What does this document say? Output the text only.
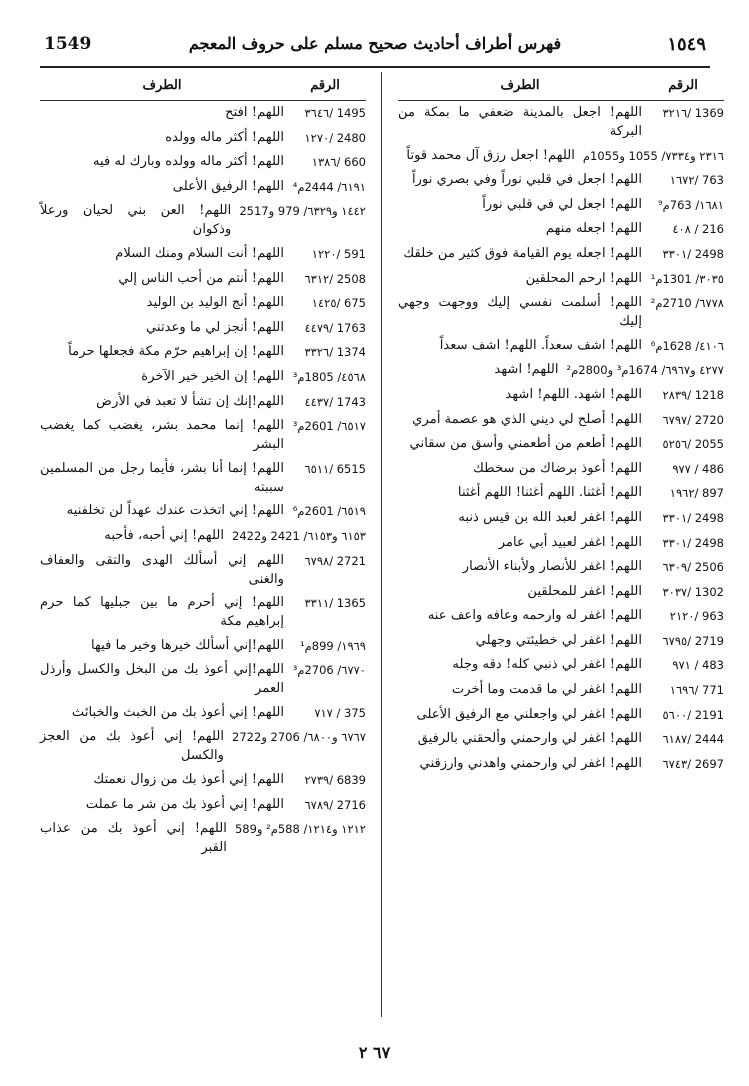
1549	فهرس أطراف أحاديث صحيح مسلم على حروف المعجم	١٥٤٩
الرقم
الطرف
1369 /٣٢١٦
اللهم! اجعل بالمدينة ضعفي ما بمكة من البركة
٢٣١٦ و٧٣٣٤/ 1055 و1055م
اللهم! اجعل رزق آل محمد قوتاً
763 /١٦٧٢
اللهم! اجعل في قلبي نوراً وفي بصري نوراً
١٦٨١/ 763م⁹
اللهم! اجعل لي في قلبي نوراً
216 / ٤٠٨
اللهم! اجعله منهم
2498 /٣٣٠١
اللهم! اجعله يوم القيامة فوق كثير من خلقك
٣٠٣٥/ 1301م¹
اللهم! ارحم المحلقين
٦٧٧٨/ 2710م²
اللهم! أسلمت نفسي إليك ووجهت وجهي إليك
٤١٠٦/ 1628م⁶
اللهم! اشف سعداً. اللهم! اشف سعداً
٤٢٧٧ و٦٩٦٧/ 1674م³ و2800م²
اللهم! اشهد
1218 /٢٨٣٩
اللهم! اشهد. اللهم! اشهد
2720 /٦٧٩٧
اللهم! أصلح لي ديني الذي هو عصمة أمري
2055 /٥٢٥٦
اللهم! أطعم من أطعمني وأسق من سقاني
486 / ٩٧٧
اللهم! أعوذ برضاك من سخطك
897 /١٩٦٢
اللهم! أغثنا. اللهم أغثنا! اللهم أغثنا
2498 /٣٣٠١
اللهم! اغفر لعبد الله بن قيس ذنبه
2498 /٣٣٠١
اللهم! اغفر لعبيد أبي عامر
2506 /٦٣٠٩
اللهم! اغفر للأنصار ولأبناء الأنصار
1302 /٣٠٣٧
اللهم! اغفر للمحلقين
963 /٢١٢٠
اللهم! اغفر له وارحمه وعافه واعف عنه
2719 /٦٧٩٥
اللهم! اغفر لي خطيئتي وجهلي
483 / ٩٧١
اللهم! اغفر لي ذنبي كله! دقه وجله
771 /١٦٩٦
اللهم! اغفر لي ما قدمت وما أخرت
2191 /٥٦٠٠
اللهم! اغفر لي واجعلني مع الرفيق الأعلى
2444 /٦١٨٧
اللهم! اغفر لي وارحمني وألحقني بالرفيق
2697 /٦٧٤٣
اللهم! اغفر لي وارحمني واهدني وارزقني
الرقم
الطرف
1495 /٣٦٤٦
اللهم! افتح
2480 /١٢٧٠
اللهم! أكثر ماله وولده
660 /١٣٨٦
اللهم! أكثر ماله وولده وبارك له فيه
٦١٩١/ 2444م⁴
اللهم! الرفيق الأعلى
١٤٤٢ و٦٣٢٩/ 979 و2517
اللهم! العن بني لحيان ورعلاً وذكوان
591 /١٢٢٠
اللهم! أنت السلام ومنك السلام
2508 /٦٣١٢
اللهم! أنتم من أحب الناس إلي
675 /١٤٢٥
اللهم! أنج الوليد بن الوليد
1763 /٤٤٧٩
اللهم! أنجز لي ما وعدتني
1374 /٣٣٢٦
اللهم! إن إبراهيم حرّم مكة فجعلها حرماً
٤٥٦٨/ 1805م³
اللهم! إن الخير خير الآخرة
1743 /٤٤٣٧
اللهم!إنك إن تشأ لا تعبد في الأرض
٦٥١٧/ 2601م³
اللهم! إنما محمد بشر، يغضب كما يغضب البشر
6515 /٦٥١١
اللهم! إنما أنا بشر، فأيما رجل من المسلمين سببته
٦٥١٩/ 2601م⁶
اللهم! إني اتخذت عندك عهداً لن تخلفنيه
٦١٥٣ و٦١٥٣/ 2421 و2422
اللهم! إني أحبه، فأحبه
2721 /٦٧٩٨
اللهم إني أسألك الهدى والتقى والعفاف والغنى
1365 /٣٣١١
اللهم! إني أحرم ما بين جبليها كما حرم إبراهيم مكة
١٩٦٩/ 899م¹
اللهم!إني أسألك خيرها وخير ما فيها
٦٧٧٠/ 2706م³
اللهم!إني أعوذ بك من البخل والكسل وأرذل العمر
375 / ٧١٧
اللهم! إني أعوذ بك من الخبث والخبائث
٦٧٦٧ و٦٨٠٠/ 2706 و2722
اللهم! إني أعوذ بك من العجز والكسل
6839 /٢٧٣٩
اللهم! إني أعوذ بك من زوال نعمتك
2716 /٦٧٨٩
اللهم! إني أعوذ بك من شر ما عملت
١٢١٢ و١٢١٤/ 588م² و589
اللهم! إني أعوذ بك من عذاب القبر
٦٧ ٢
